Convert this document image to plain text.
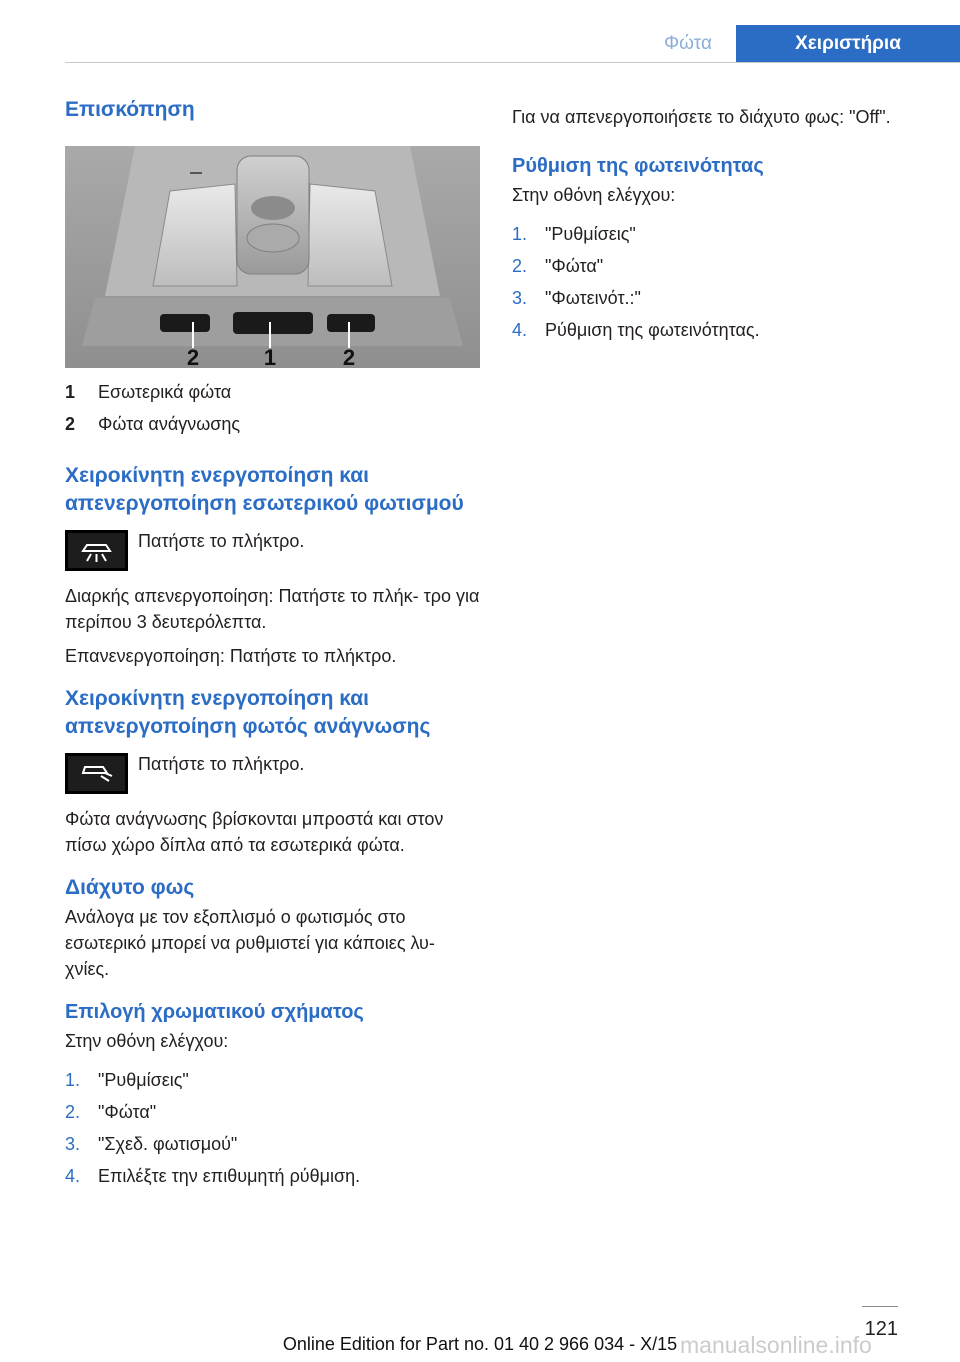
Φώτα	Χειριστήρια
Επισκόπηση
2	1	2
1	Εσωτερικά φώτα
2	Φώτα ανάγνωσης
Χειροκίνητη ενεργοποίηση και απενεργοποίηση εσωτερικού φωτισμού
Πατήστε το πλήκτρο.

Διαρκής απενεργοποίηση: Πατήστε το πλήκ‐ τρο για περίπου 3 δευτερόλεπτα.

Επανενεργοποίηση: Πατήστε το πλήκτρο.

Χειροκίνητη ενεργοποίηση και απενεργοποίηση φωτός ανάγνωσης
Πατήστε το πλήκτρο.

Φώτα ανάγνωσης βρίσκονται μπροστά και στον πίσω χώρο δίπλα από τα εσωτερικά φώτα.

Διάχυτο φως

Ανάλογα με τον εξοπλισμό ο φωτισμός στο εσωτερικό μπορεί να ρυθμιστεί για κάποιες λυ‐ χνίες.

Επιλογή χρωματικού σχήματος

Στην οθόνη ελέγχου:

1. "Ρυθμίσεις"
2. "Φώτα"
3. "Σχεδ. φωτισμού"
4. Επιλέξτε την επιθυμητή ρύθμιση.

Για να απενεργοποιήσετε το διάχυτο φως: "Off".

Ρύθμιση της φωτεινότητας

Στην οθόνη ελέγχου:

1. "Ρυθμίσεις"
2. "Φώτα"
3. "Φωτεινότ.:"
4. Ρύθμιση της φωτεινότητας.
121
Online Edition for Part no. 01 40 2 966 034 - X/15 manualsonline.info
